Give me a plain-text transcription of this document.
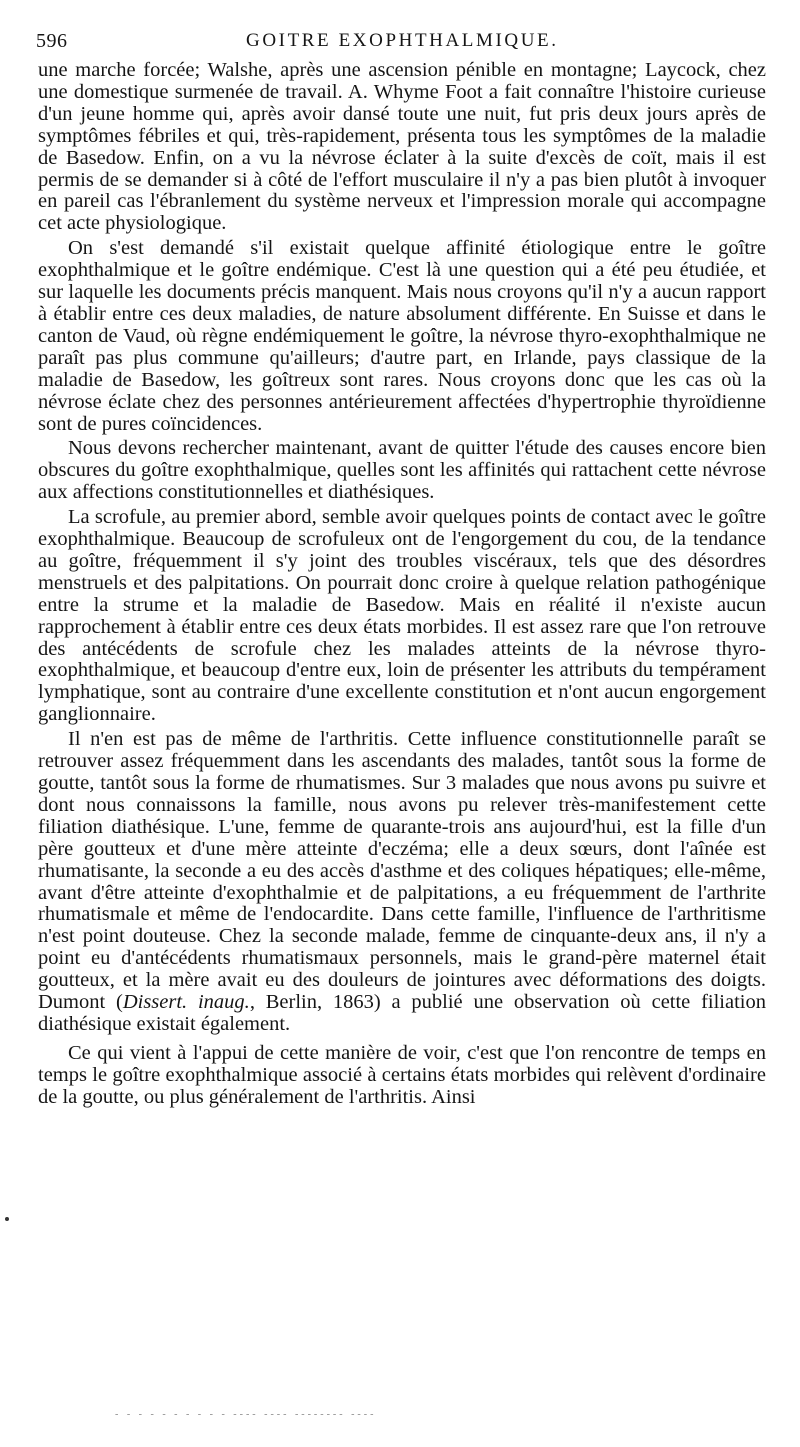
596	GOITRE EXOPHTHALMIQUE.

une marche forcée; Walshe, après une ascension pénible en montagne; Laycock, chez une domestique surmenée de travail. A. Whyme Foot a fait connaître l'histoire curieuse d'un jeune homme qui, après avoir dansé toute une nuit, fut pris deux jours après de symptômes fébriles et qui, très-rapidement, présenta tous les symptômes de la maladie de Basedow. Enfin, on a vu la névrose éclater à la suite d'excès de coït, mais il est permis de se demander si à côté de l'effort musculaire il n'y a pas bien plutôt à invoquer en pareil cas l'ébranlement du système nerveux et l'impression morale qui accompagne cet acte physiologique.

On s'est demandé s'il existait quelque affinité étiologique entre le goître exophthalmique et le goître endémique. C'est là une question qui a été peu étudiée, et sur laquelle les documents précis manquent. Mais nous croyons qu'il n'y a aucun rapport à établir entre ces deux maladies, de nature absolument différente. En Suisse et dans le canton de Vaud, où règne endémiquement le goître, la névrose thyro-exophthalmique ne paraît pas plus commune qu'ailleurs; d'autre part, en Irlande, pays classique de la maladie de Basedow, les goîtreux sont rares. Nous croyons donc que les cas où la névrose éclate chez des personnes antérieurement affectées d'hypertrophie thyroïdienne sont de pures coïncidences.

Nous devons rechercher maintenant, avant de quitter l'étude des causes encore bien obscures du goître exophthalmique, quelles sont les affinités qui rattachent cette névrose aux affections constitutionnelles et diathésiques.

La scrofule, au premier abord, semble avoir quelques points de contact avec le goître exophthalmique. Beaucoup de scrofuleux ont de l'engorgement du cou, de la tendance au goître, fréquemment il s'y joint des troubles viscéraux, tels que des désordres menstruels et des palpitations. On pourrait donc croire à quelque relation pathogénique entre la strume et la maladie de Basedow. Mais en réalité il n'existe aucun rapprochement à établir entre ces deux états morbides. Il est assez rare que l'on retrouve des antécédents de scrofule chez les malades atteints de la névrose thyro-exophthalmique, et beaucoup d'entre eux, loin de présenter les attributs du tempérament lymphatique, sont au contraire d'une excellente constitution et n'ont aucun engorgement ganglionnaire.

Il n'en est pas de même de l'arthritis. Cette influence constitutionnelle paraît se retrouver assez fréquemment dans les ascendants des malades, tantôt sous la forme de goutte, tantôt sous la forme de rhumatismes. Sur 3 malades que nous avons pu suivre et dont nous connaissons la famille, nous avons pu relever très-manifestement cette filiation diathésique. L'une, femme de quarante-trois ans aujourd'hui, est la fille d'un père goutteux et d'une mère atteinte d'eczéma; elle a deux sœurs, dont l'aînée est rhumatisante, la seconde a eu des accès d'asthme et des coliques hépatiques; elle-même, avant d'être atteinte d'exophthalmie et de palpitations, a eu fréquemment de l'arthrite rhumatismale et même de l'endocardite. Dans cette famille, l'influence de l'arthritisme n'est point douteuse. Chez la seconde malade, femme de cinquante-deux ans, il n'y a point eu d'antécédents rhumatismaux personnels, mais le grand-père maternel était goutteux, et la mère avait eu des douleurs de jointures avec déformations des doigts. Dumont (Dissert. inaug., Berlin, 1863) a publié une observation où cette filiation diathésique existait également.

Ce qui vient à l'appui de cette manière de voir, c'est que l'on rencontre de temps en temps le goître exophthalmique associé à certains états morbides qui relèvent d'ordinaire de la goutte, ou plus généralement de l'arthritis. Ainsi

- - - - - - - - - - ---- ---- -------- ----
